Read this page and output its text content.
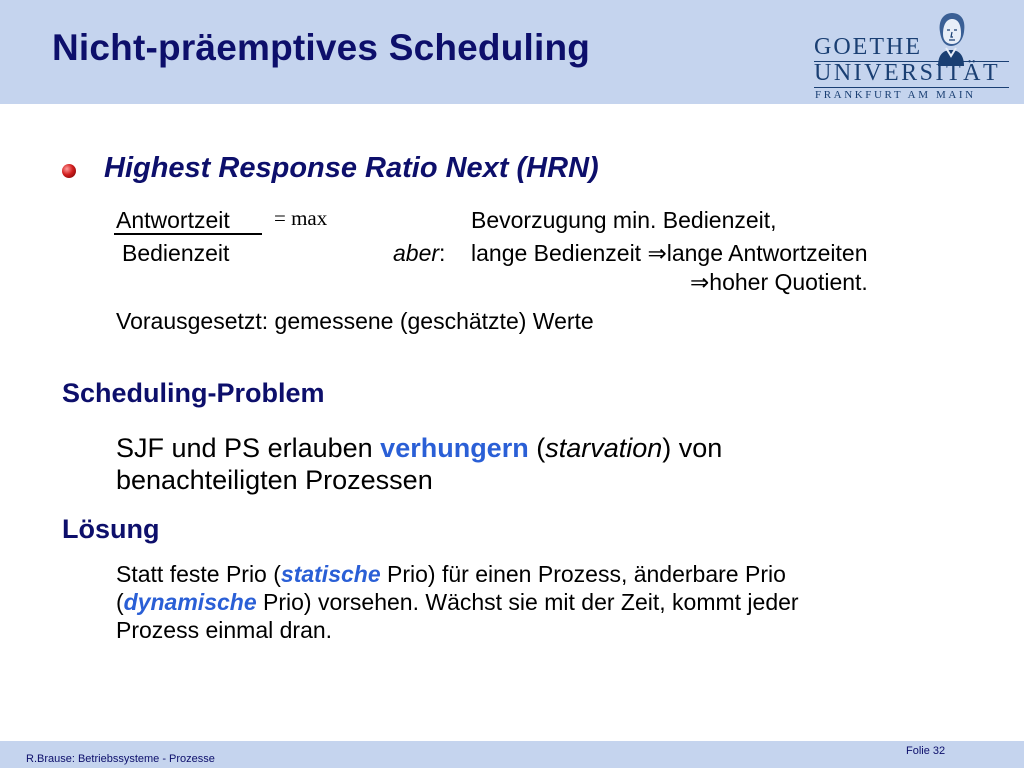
Nicht-präemptives Scheduling	GOETHE
UNIVERSITÄT
FRANKFURT AM MAIN
Highest Response Ratio Next (HRN)
Antwortzeit
Bedienzeit
= max
aber:
Bevorzugung min. Bedienzeit,
lange Bedienzeit ⇒lange Antwortzeiten
⇒hoher Quotient.
Vorausgesetzt: gemessene (geschätzte) Werte
Scheduling-Problem
SJF und PS erlauben verhungern (starvation) von
benachteiligten Prozessen
Lösung
Statt feste Prio (statische Prio) für einen Prozess, änderbare Prio
(dynamische Prio) vorsehen. Wächst sie mit der Zeit, kommt jeder
Prozess einmal dran.
R.Brause: Betriebssysteme - Prozesse
Folie 32
